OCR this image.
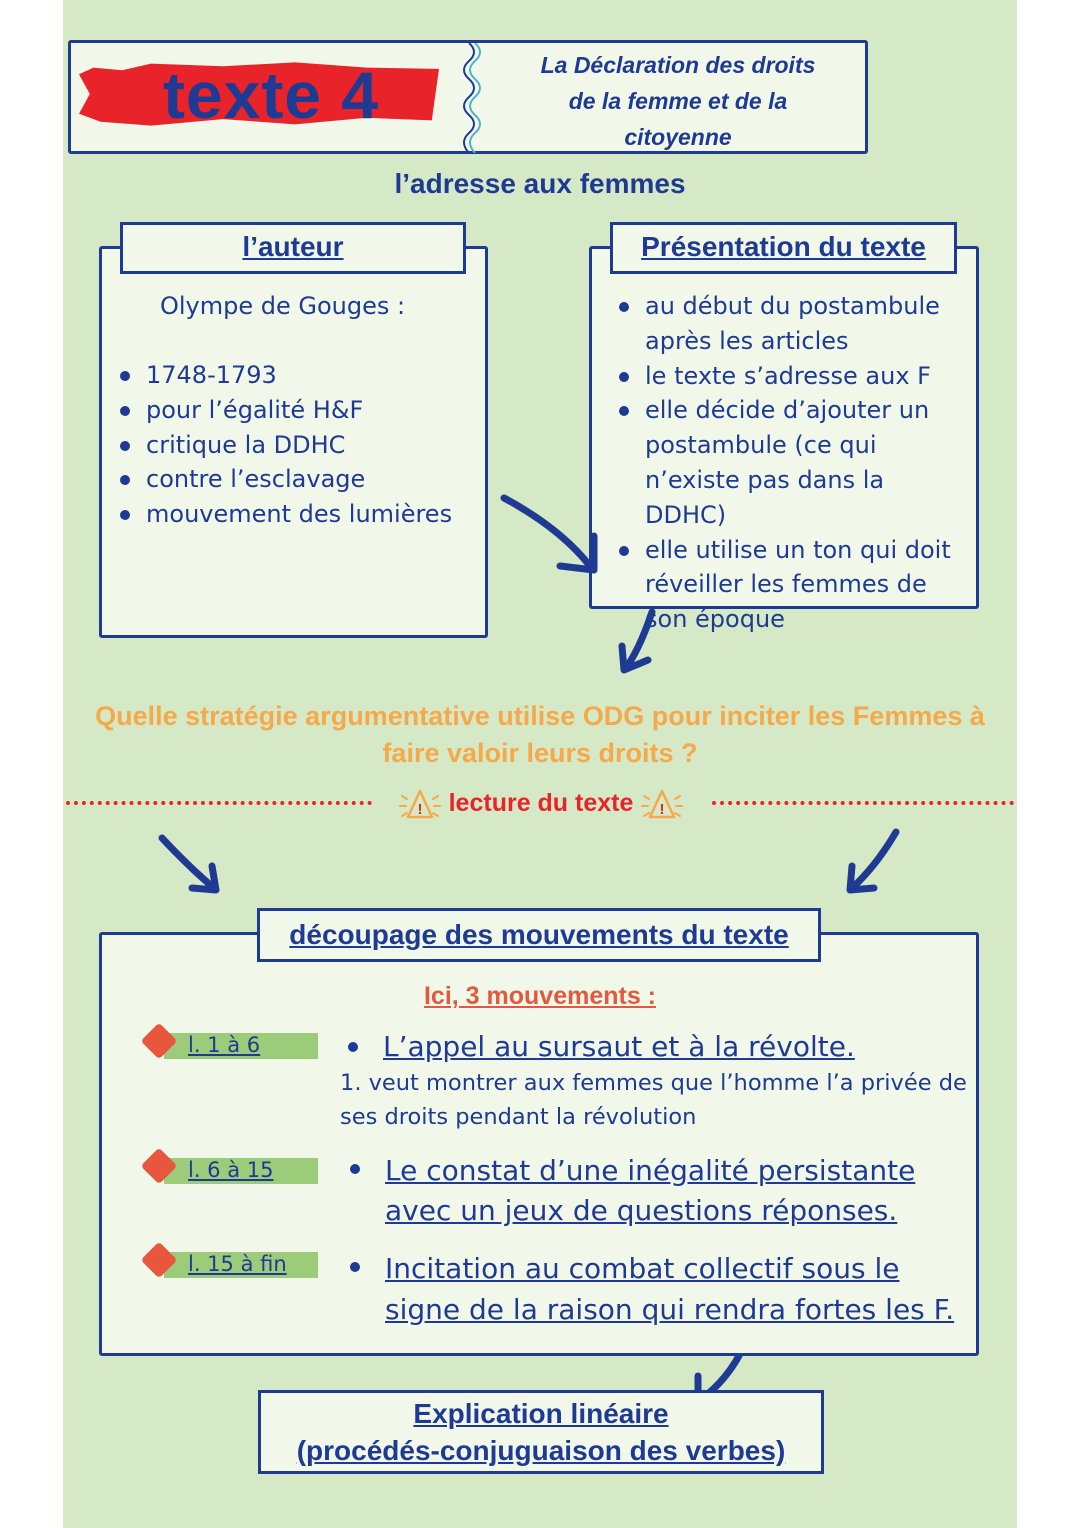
texte 4	La Déclaration des droits
de la femme et de la
citoyenne

l’adresse aux femmes

l’auteur

Olympe de Gouges :

1748-1793
pour l’égalité H&F
critique la DDHC
contre l’esclavage
mouvement des lumières
Présentation du texte
au début du postambule après les articles
le texte s’adresse aux F
elle décide d’ajouter un postambule (ce qui n’existe pas dans la DDHC)
elle utilise un ton qui doit réveiller les femmes de son époque

Quelle stratégie argumentative utilise ODG pour inciter les Femmes à faire valoir leurs droits ?

! lecture du texte !
découpage des mouvements du texte

Ici, 3 mouvements :

l. 1 à 6	L’appel au sursaut et à la révolte.

1. veut montrer aux femmes que l’homme l’a privée de ses droits pendant la révolution

l. 6 à 15	Le constat d’une inégalité persistante
avec un jeux de questions réponses.
l. 15 à fin	Incitation au combat collectif sous le
signe de la raison qui rendra fortes les F.
Explication linéaire
(procédés-conjuguaison des verbes)
